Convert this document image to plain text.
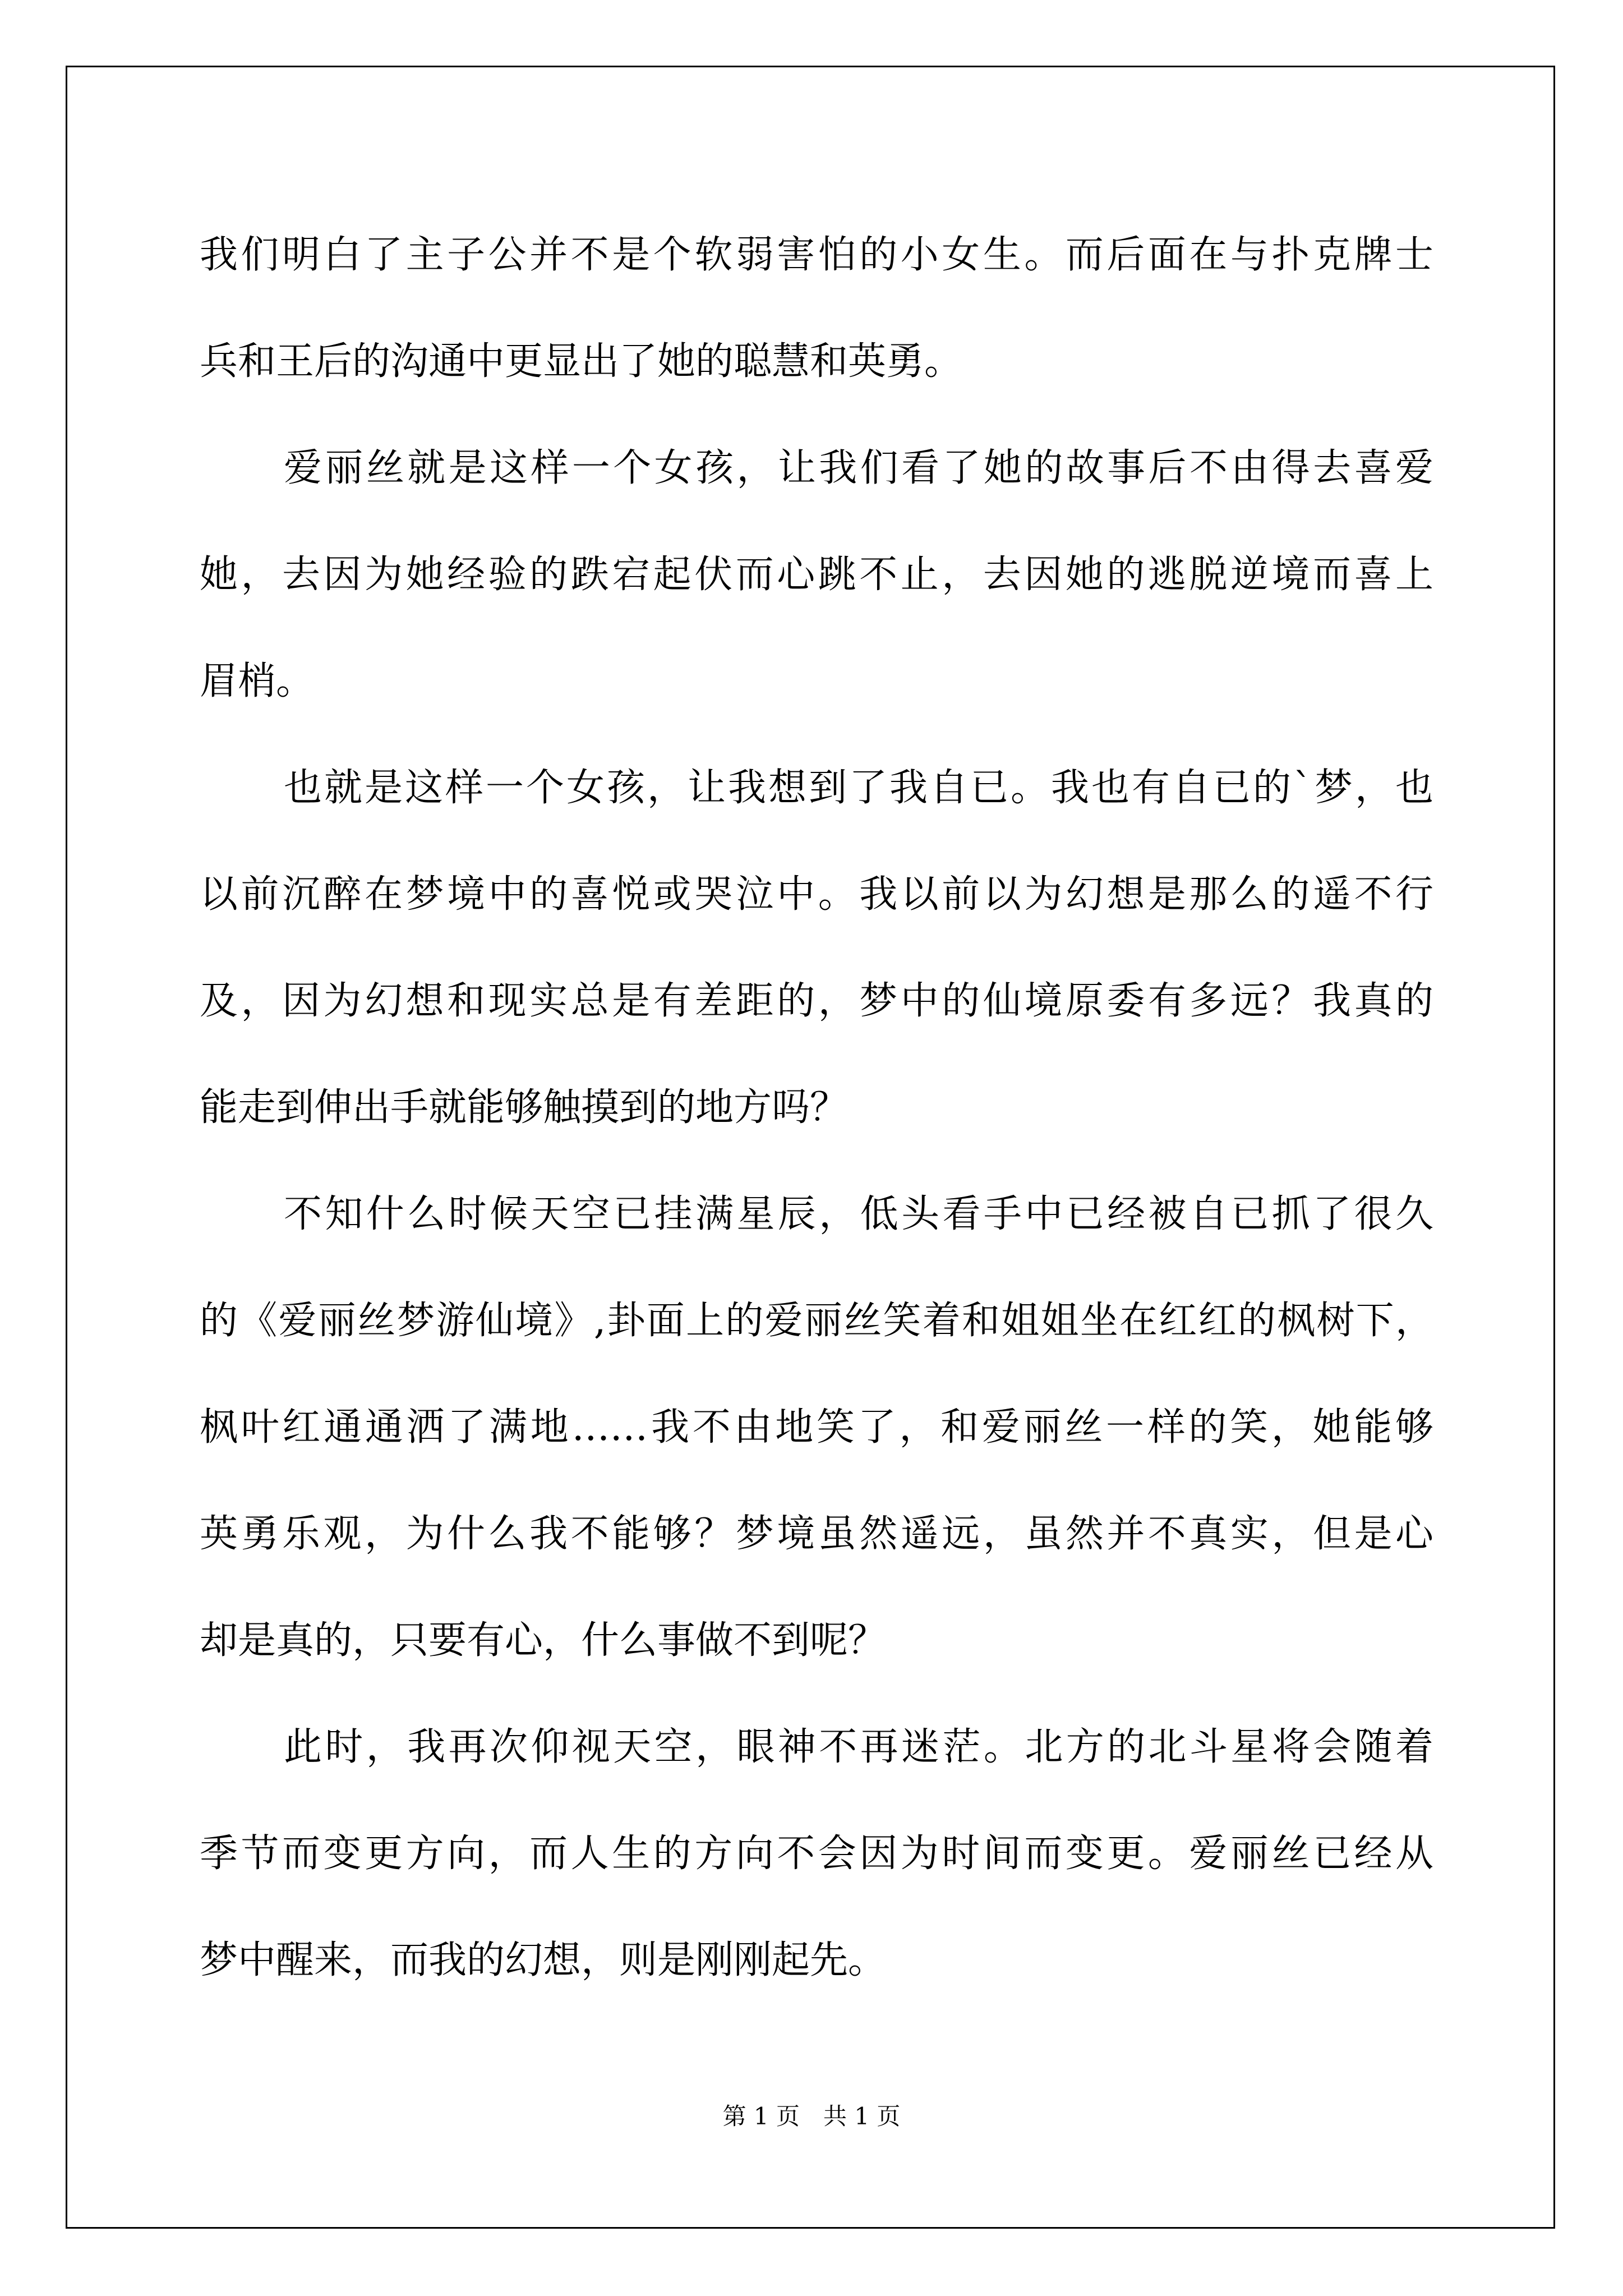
我们明白了主子公并不是个软弱害怕的小女生。而后面在与扑克牌士
兵和王后的沟通中更显出了她的聪慧和英勇。
爱丽丝就是这样一个女孩，让我们看了她的故事后不由得去喜爱
她，去因为她经验的跌宕起伏而心跳不止，去因她的逃脱逆境而喜上
眉梢。
也就是这样一个女孩，让我想到了我自已。我也有自已的`梦，也
以前沉醉在梦境中的喜悦或哭泣中。我以前以为幻想是那么的遥不行
及，因为幻想和现实总是有差距的，梦中的仙境原委有多远？我真的
能走到伸出手就能够触摸到的地方吗？
不知什么时候天空已挂满星辰，低头看手中已经被自已抓了很久
的《爱丽丝梦游仙境》,卦面上的爱丽丝笑着和姐姐坐在红红的枫树下，
枫叶红通通洒了满地……我不由地笑了，和爱丽丝一样的笑，她能够
英勇乐观，为什么我不能够？梦境虽然遥远，虽然并不真实，但是心
却是真的，只要有心，什么事做不到呢？
此时，我再次仰视天空，眼神不再迷茫。北方的北斗星将会随着
季节而变更方向，而人生的方向不会因为时间而变更。爱丽丝已经从
梦中醒来，而我的幻想，则是刚刚起先。
第 1 页　共 1 页
